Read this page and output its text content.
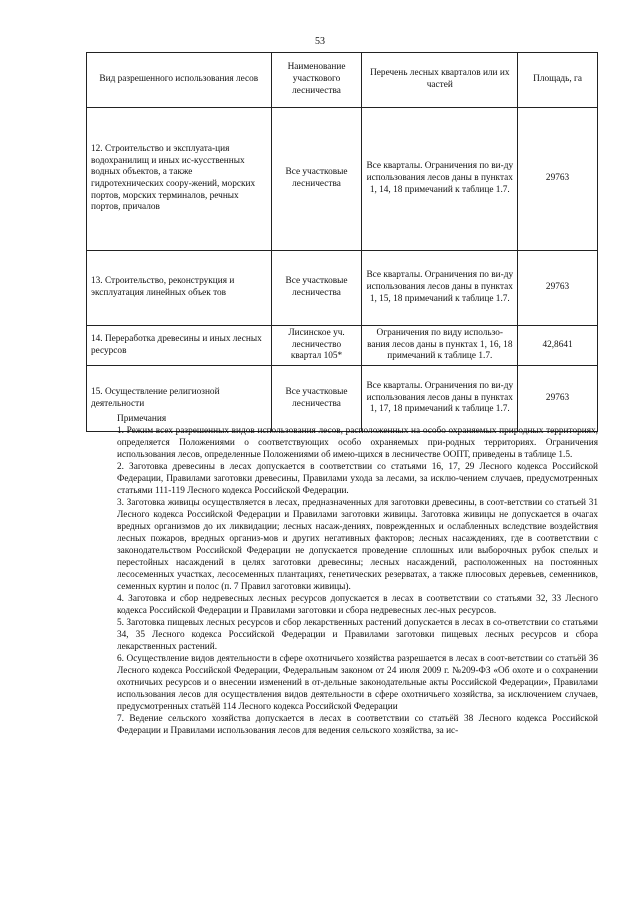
53
Вид разрешенного использования лесов	Наименование участкового лесничества	Перечень лесных кварталов или их частей	Площадь, га
12. Строительство и эксплуата-ция водохранилищ и иных ис-кусственных водных объектов, а также гидротехнических соору-жений, морских портов, морских терминалов, речных портов, причалов	Все участковые лесничества	Все кварталы. Ограничения по ви-ду использования лесов даны в пунктах 1, 14, 18 примечаний к таблице 1.7.	29763
13. Строительство, реконструкция и эксплуатация линейных объек тов	Все участковые лесничества	Все кварталы. Ограничения по ви-ду использования лесов даны в пунктах 1, 15, 18 примечаний к таблице 1.7.	29763
14. Переработка древесины и иных лесных ресурсов	Лисинское уч. лесничество квартал 105*	Ограничения по виду использо-вания лесов даны в пунктах 1, 16, 18 примечаний к таблице 1.7.	42,8641
15. Осуществление религиозной деятельности	Все участковые лесничества	Все кварталы. Ограничения по ви-ду использования лесов даны в пунктах 1, 17, 18 примечаний к таблице 1.7.	29763

Примечания

1. Режим всех разрешенных видов использования лесов, расположенных на особо охраняемых природных территориях, определяется Положениями о соответствующих особо охраняемых при-родных территориях. Ограничения использования лесов, определенные Положениями об имею-щихся в лесничестве ООПТ, приведены в таблице 1.5.

2. Заготовка древесины в лесах допускается в соответствии со статьями 16, 17, 29 Лесного кодекса Российской Федерации, Правилами заготовки древесины, Правилами ухода за лесами, за исклю-чением случаев, предусмотренных статьями 111-119 Лесного кодекса Российской Федерации.

3. Заготовка живицы осуществляется в лесах, предназначенных для заготовки древесины, в соот-ветствии со статьей 31 Лесного кодекса Российской Федерации и Правилами заготовки живицы. Заготовка живицы не допускается в очагах вредных организмов до их ликвидации; лесных насаж-дениях, поврежденных и ослабленных вследствие воздействия лесных пожаров, вредных организ-мов и других негативных факторов; лесных насаждениях, где в соответствии с законодательством Российской Федерации не допускается проведение сплошных или выборочных рубок спелых и перестойных насаждений в целях заготовки древесины; лесных насаждений, расположенных на постоянных лесосеменных участках, лесосеменных плантациях, генетических резерватах, а также плюсовых деревьев, семенников, семенных куртин и полос (п. 7 Правил заготовки живицы).

4. Заготовка и сбор недревесных лесных ресурсов допускается в лесах в соответствии со статьями 32, 33 Лесного кодекса Российской Федерации и Правилами заготовки и сбора недревесных лес-ных ресурсов.

5. Заготовка пищевых лесных ресурсов и сбор лекарственных растений допускается в лесах в со-ответствии со статьями 34, 35 Лесного кодекса Российской Федерации и Правилами заготовки пищевых лесных ресурсов и сбора лекарственных растений.

6. Осуществление видов деятельности в сфере охотничьего хозяйства разрешается в лесах в соот-ветствии со статьёй 36 Лесного кодекса Российской Федерации, Федеральным законом от 24 июля 2009 г. №209-ФЗ «Об охоте и о сохранении охотничьих ресурсов и о внесении изменений в от-дельные законодательные акты Российской Федерации», Правилами использования лесов для осуществления видов деятельности в сфере охотничьего хозяйства, за исключением случаев, предусмотренных статьёй 114 Лесного кодекса Российской Федерации

7. Ведение сельского хозяйства допускается в лесах в соответствии со статьёй 38 Лесного кодекса Российской Федерации и Правилами использования лесов для ведения сельского хозяйства, за ис-
